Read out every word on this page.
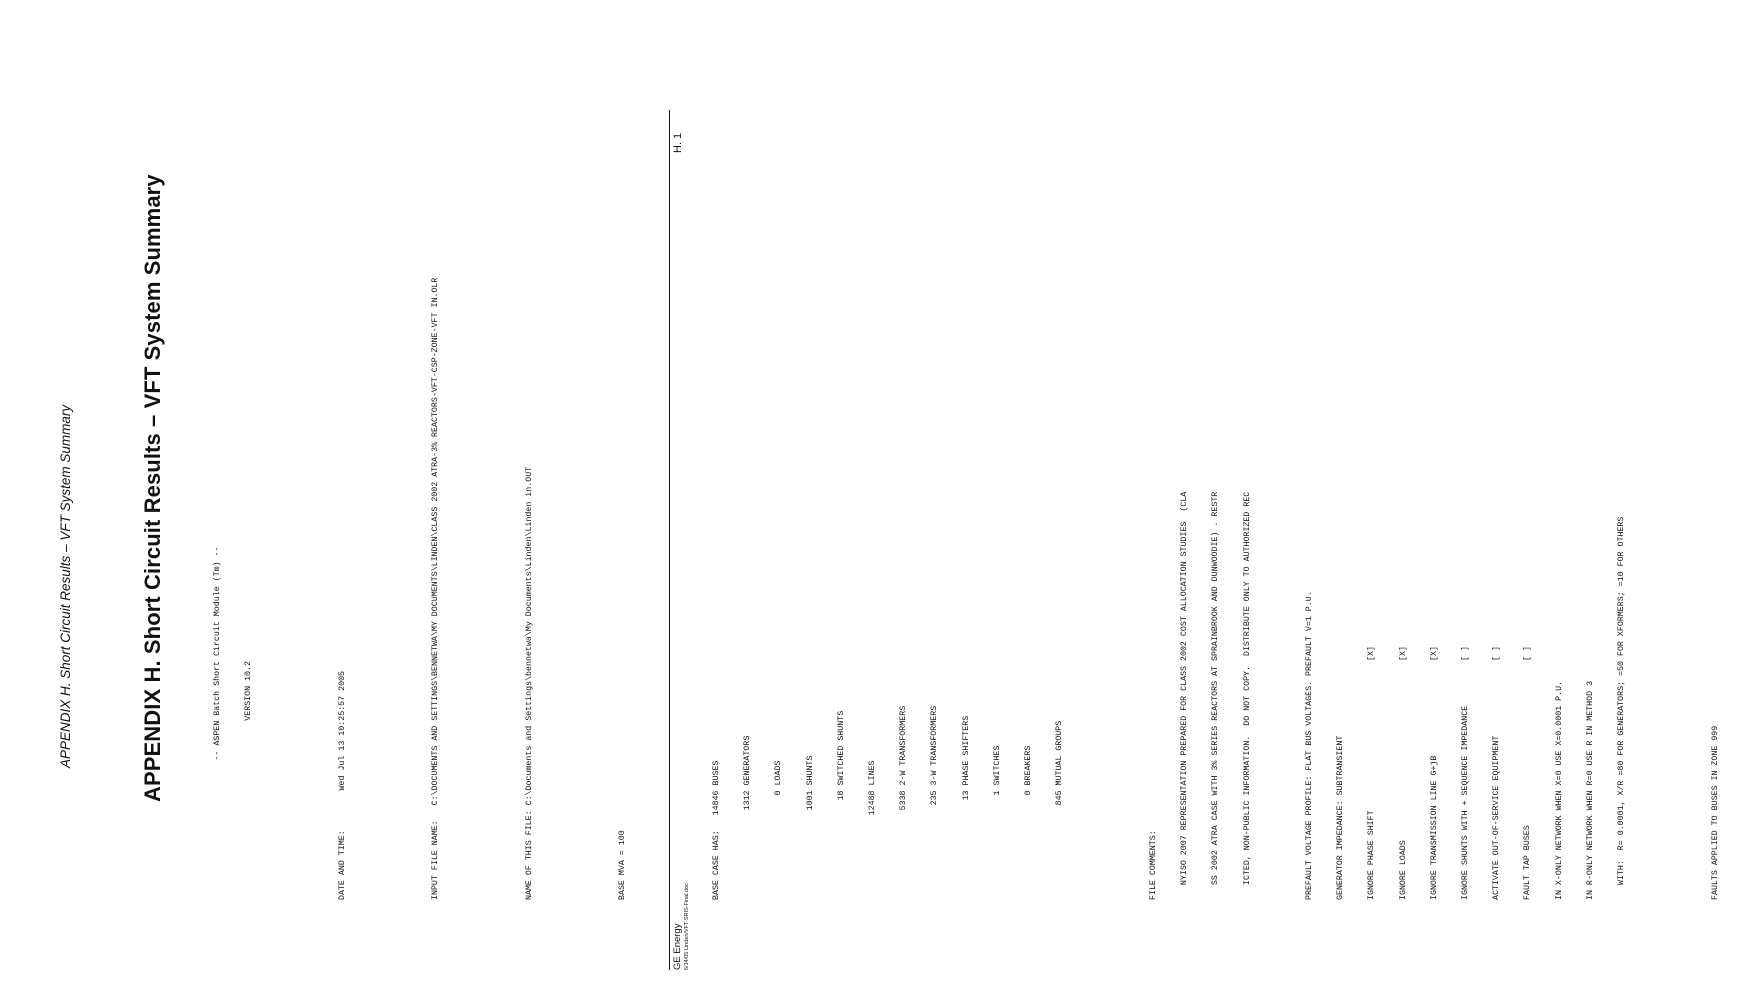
APPENDIX H. Short Circuit Results – VFT System Summary	APPENDIX H. Short Circuit Results – VFT System Summary

	-- ASPEN Batch Short Circuit Module (Tm) --

	VERSION 10.2

	DATE AND TIME:        Wed Jul 13 10:25:57 2005

	INPUT FILE NAME:   C:\DOCUMENTS AND SETTINGS\BENNETWA\MY DOCUMENTS\LINDEN\CLASS 2002 ATRA-3% REACTORS-VFT-CSP-ZONE-VFT IN.OLR

	NAME OF THIS FILE: C:\Documents and Settings\bennetwa\My Documents\Linden\Linden in.OUT

	BASE MVA = 100

	BASE CASE HAS:   14846 BUSES

	1312 GENERATORS

	0 LOADS

	1001 SHUNTS

	18 SWITCHED SHUNTS

	12488 LINES

	5338 2-W TRANSFORMERS

	235 3-W TRANSFORMERS

	13 PHASE SHIFTERS

	1 SWITCHES

	0 BREAKERS

	845 MUTUAL GROUPS

	FILE COMMENTS:

	NYISO 2007 REPRESENTATION PREPARED FOR CLASS 2002 COST ALLOCATION STUDIES  (CLA

	SS 2002 ATRA CASE WITH 3% SERIES REACTORS AT SPRAINBROOK AND DUNWOODIE) . RESTR

	ICTED, NON-PUBLIC INFORMATION.  DO NOT COPY.  DISTRIBUTE ONLY TO AUTHORIZED REC

	PREFAULT VOLTAGE PROFILE: FLAT BUS VOLTAGES. PREFAULT V=1 P.U.

	GENERATOR IMPEDANCE: SUBTRANSIENT

	IGNORE PHASE SHIFT                              [X]

	IGNORE LOADS                                    [X]

	IGNORE TRANSMISSION LINE G+jB                   [X]

	IGNORE SHUNTS WITH + SEQUENCE IMPEDANCE         [ ]

	ACTIVATE OUT-OF-SERVICE EQUIPMENT               [ ]

	FAULT TAP BUSES                                 [ ]

	IN X-ONLY NETWORK WHEN X=0 USE X=0.0001 P.U.

	IN R-ONLY NETWORK WHEN R=0 USE R IN METHOD 3

	WITH:  R= 0.0001, X/R =80 FOR GENERATORS; =50 FOR XFORMERS; =10 FOR OTHERS

	FAULTS APPLIED TO BUSES IN ZONE 999

GE Energy 6/14/05 Linden/VFT-SRIS-Final.doc
H. 1
